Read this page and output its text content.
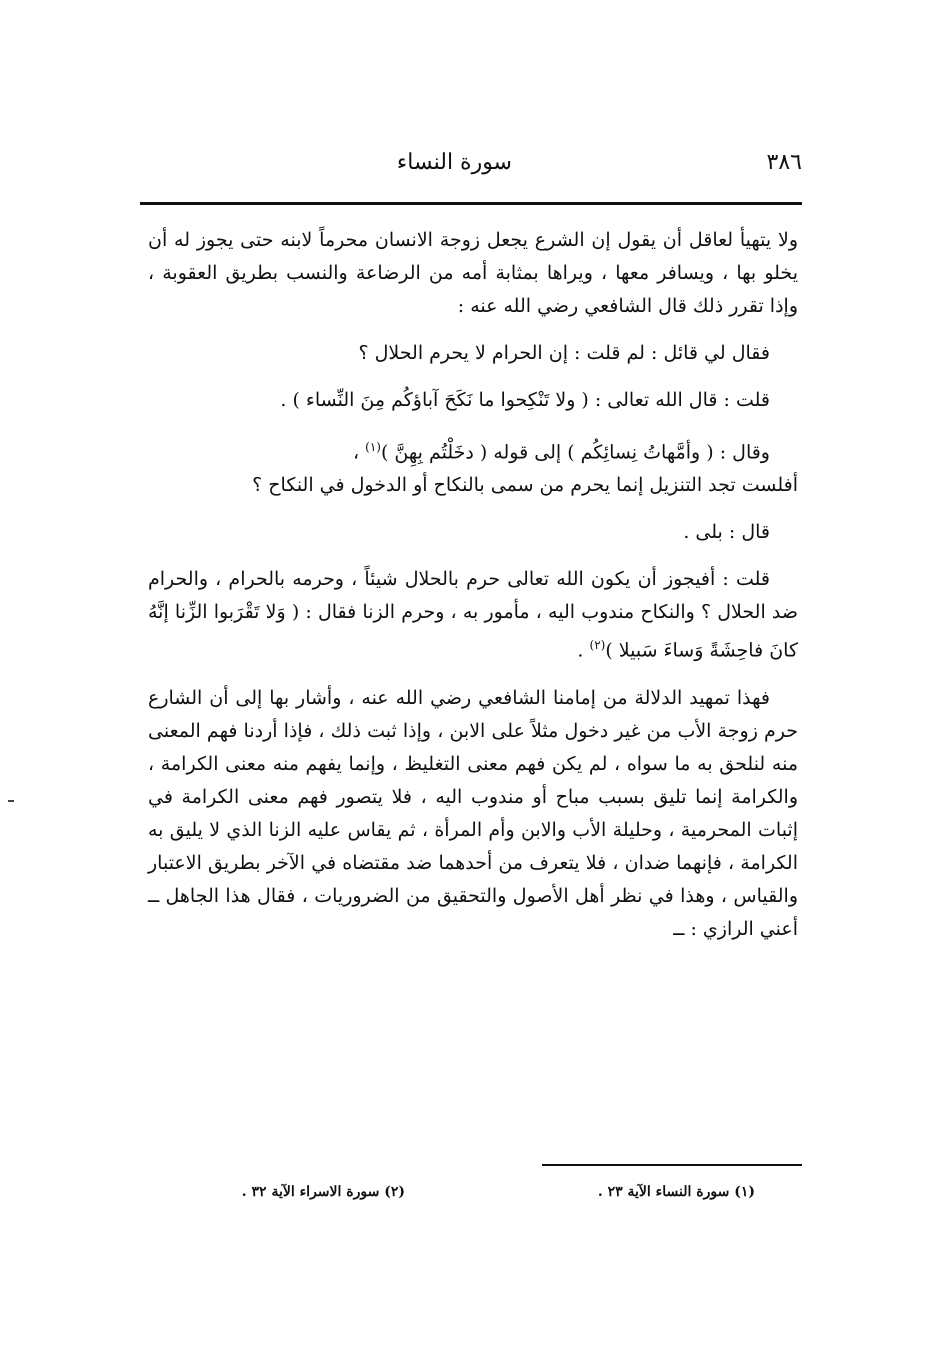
٣٨٦
سورة النساء

ولا يتهيأ لعاقل أن يقول إن الشرع يجعل زوجة الانسان محرماً لابنه حتى يجوز له أن يخلو بها ، ويسافر معها ، ويراها بمثابة أمه من الرضاعة والنسب بطريق العقوبة ، وإذا تقرر ذلك قال الشافعي رضي الله عنه :

فقال لي قائل : لم قلت : إن الحرام لا يحرم الحلال ؟

قلت : قال الله تعالى : ( ولا تَنْكِحوا ما نَكَحَ آباؤكُم مِنَ النِّساء ) .

وقال : ( وأمَّهاتُ نِسائِكُم ) إلى قوله ( دخَلْتُم بِهِنَّ )$^{(١)}$ ،
أفلست تجد التنزيل إنما يحرم من سمى بالنكاح أو الدخول في النكاح ؟

قال : بلى .

قلت : أفيجوز أن يكون الله تعالى حرم بالحلال شيئاً ، وحرمه بالحرام ، والحرام ضد الحلال ؟ والنكاح مندوب اليه ، مأمور به ، وحرم الزنا فقال : ( وَلا تَقْرَبوا الزِّنا إنَّهُ كانَ فاحِشَةً وَساءَ سَبيلا )$^{(٢)}$ .

فهذا تمهيد الدلالة من إمامنا الشافعي رضي الله عنه ، وأشار بها إلى أن الشارع حرم زوجة الأب من غير دخول مثلاً على الابن ، وإذا ثبت ذلك ، فإذا أردنا فهم المعنى منه لنلحق به ما سواه ، لم يكن فهم معنى التغليظ ، وإنما يفهم منه معنى الكرامة ، والكرامة إنما تليق بسبب مباح أو مندوب اليه ، فلا يتصور فهم معنى الكرامة في إثبات المحرمية ، وحليلة الأب والابن وأم المرأة ، ثم يقاس عليه الزنا الذي لا يليق به الكرامة ، فإنهما ضدان ، فلا يتعرف من أحدهما ضد مقتضاه في الآخر بطريق الاعتبار والقياس ، وهذا في نظر أهل الأصول والتحقيق من الضروريات ، فقال هذا الجاهل ــ أعني الرازي : ــ

(١) سورة النساء الآية ٢٣ .
(٢) سورة الاسراء الآية ٣٢ .
